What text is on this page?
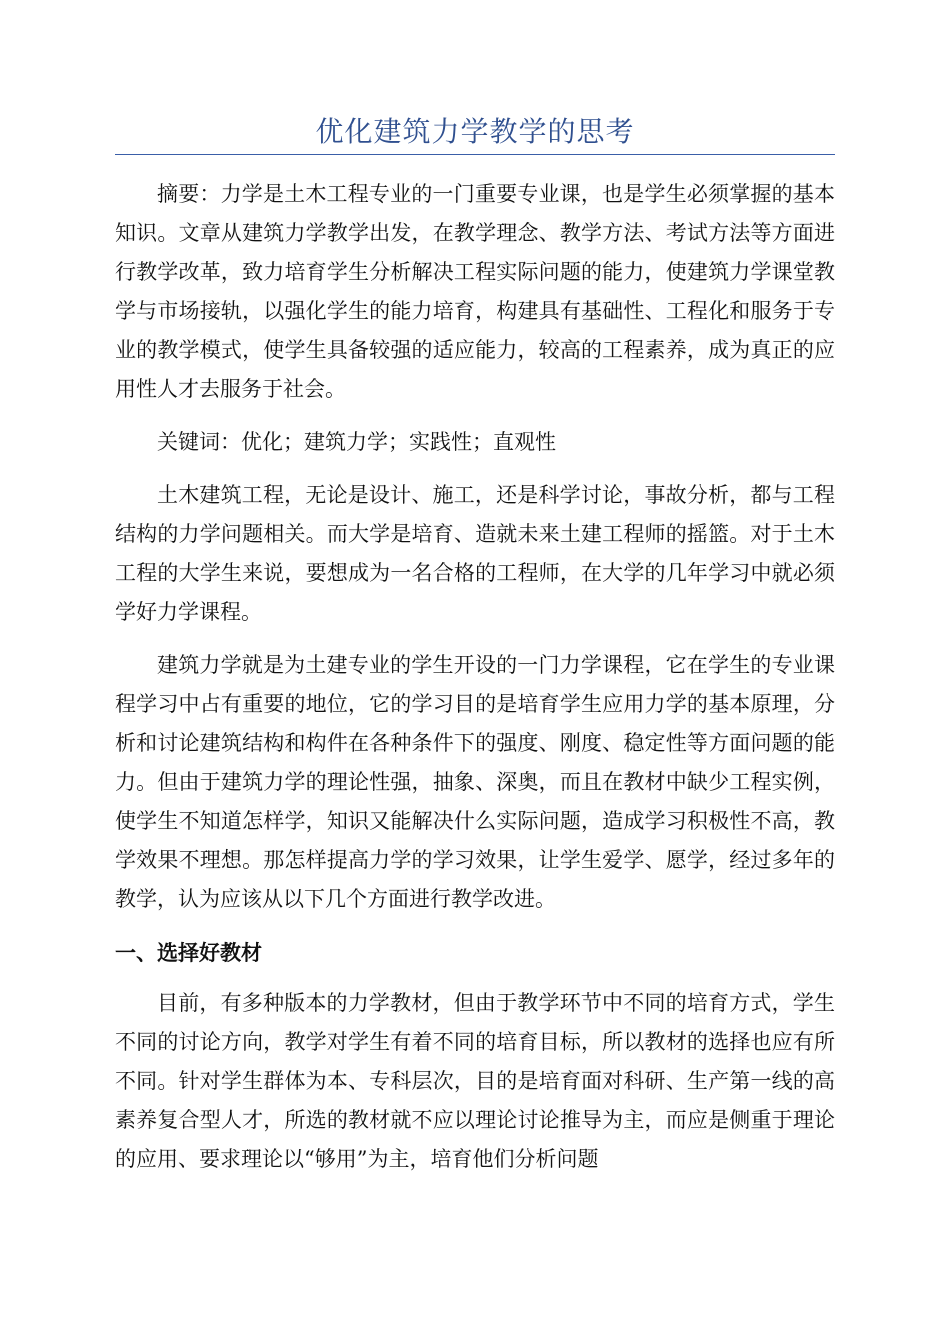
优化建筑力学教学的思考

摘要：力学是土木工程专业的一门重要专业课，也是学生必须掌握的基本知识。文章从建筑力学教学出发，在教学理念、教学方法、考试方法等方面进行教学改革，致力培育学生分析解决工程实际问题的能力，使建筑力学课堂教学与市场接轨，以强化学生的能力培育，构建具有基础性、工程化和服务于专业的教学模式，使学生具备较强的适应能力，较高的工程素养，成为真正的应用性人才去服务于社会。

关键词：优化；建筑力学；实践性；直观性

土木建筑工程，无论是设计、施工，还是科学讨论，事故分析，都与工程结构的力学问题相关。而大学是培育、造就未来土建工程师的摇篮。对于土木工程的大学生来说，要想成为一名合格的工程师，在大学的几年学习中就必须学好力学课程。

建筑力学就是为土建专业的学生开设的一门力学课程，它在学生的专业课程学习中占有重要的地位，它的学习目的是培育学生应用力学的基本原理，分析和讨论建筑结构和构件在各种条件下的强度、刚度、稳定性等方面问题的能力。但由于建筑力学的理论性强，抽象、深奥，而且在教材中缺少工程实例，使学生不知道怎样学，知识又能解决什么实际问题，造成学习积极性不高，教学效果不理想。那怎样提高力学的学习效果，让学生爱学、愿学，经过多年的教学，认为应该从以下几个方面进行教学改进。

一、选择好教材

目前，有多种版本的力学教材，但由于教学环节中不同的培育方式，学生不同的讨论方向，教学对学生有着不同的培育目标，所以教材的选择也应有所不同。针对学生群体为本、专科层次，目的是培育面对科研、生产第一线的高素养复合型人才，所选的教材就不应以理论讨论推导为主，而应是侧重于理论的应用、要求理论以“够用”为主，培育他们分析问题
